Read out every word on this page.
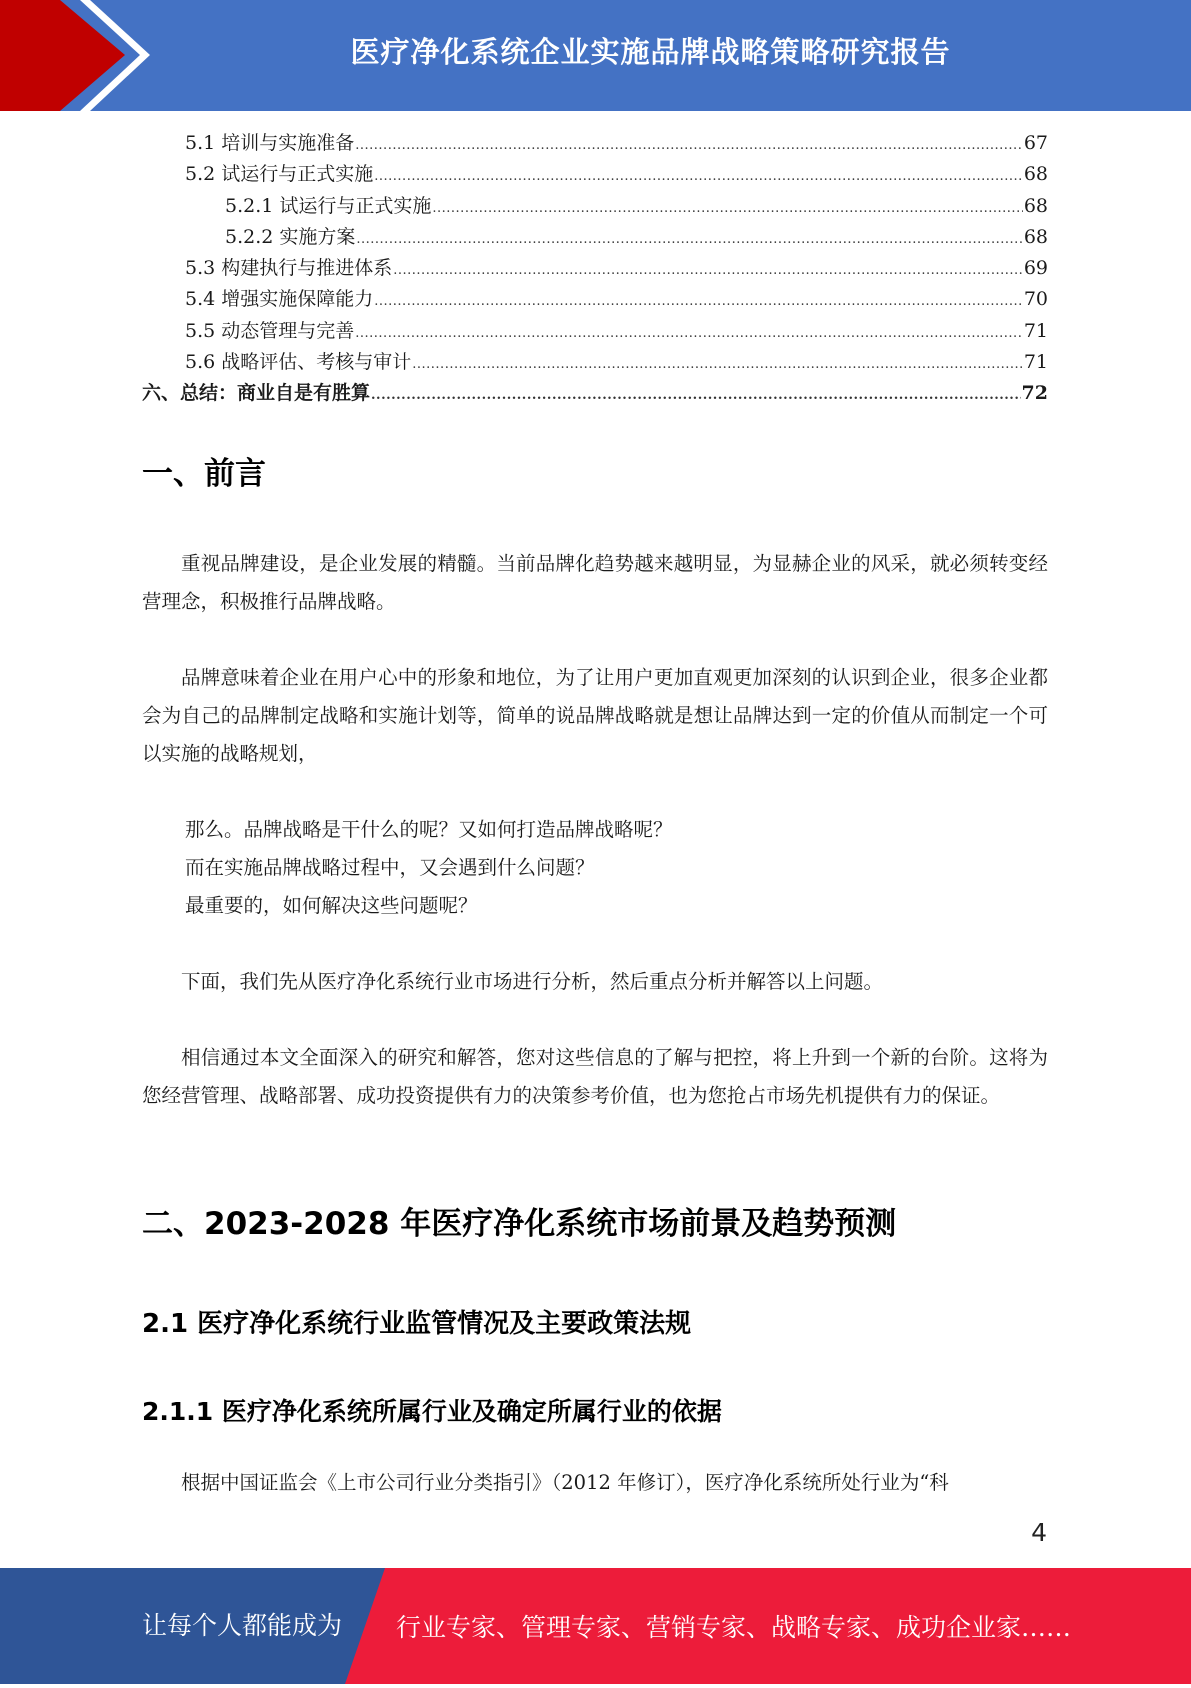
医疗净化系统企业实施品牌战略策略研究报告
5.1 培训与实施准备 .....	67
5.2 试运行与正式实施 .....	68
5.2.1 试运行与正式实施 .....	68
5.2.2 实施方案 .....	68
5.3 构建执行与推进体系 .....	69
5.4 增强实施保障能力 .....	70
5.5 动态管理与完善 .....	71
5.6 战略评估、考核与审计 .....	71
六、总结：商业自是有胜算 .....	72
一、前言

重视品牌建设，是企业发展的精髓。当前品牌化趋势越来越明显，为显赫企业的风采，就必须转变经营理念，积极推行品牌战略。

品牌意味着企业在用户心中的形象和地位，为了让用户更加直观更加深刻的认识到企业，很多企业都会为自己的品牌制定战略和实施计划等，简单的说品牌战略就是想让品牌达到一定的价值从而制定一个可以实施的战略规划，

那么。品牌战略是干什么的呢？又如何打造品牌战略呢？

而在实施品牌战略过程中，又会遇到什么问题？

最重要的，如何解决这些问题呢？

下面，我们先从医疗净化系统行业市场进行分析，然后重点分析并解答以上问题。

相信通过本文全面深入的研究和解答，您对这些信息的了解与把控，将上升到一个新的台阶。这将为您经营管理、战略部署、成功投资提供有力的决策参考价值，也为您抢占市场先机提供有力的保证。

二、2023-2028 年医疗净化系统市场前景及趋势预测
2.1 医疗净化系统行业监管情况及主要政策法规
2.1.1 医疗净化系统所属行业及确定所属行业的依据

根据中国证监会《上市公司行业分类指引》（2012 年修订），医疗净化系统所处行业为“科

4
让每个人都能成为 行业专家、管理专家、营销专家、战略专家、成功企业家……
